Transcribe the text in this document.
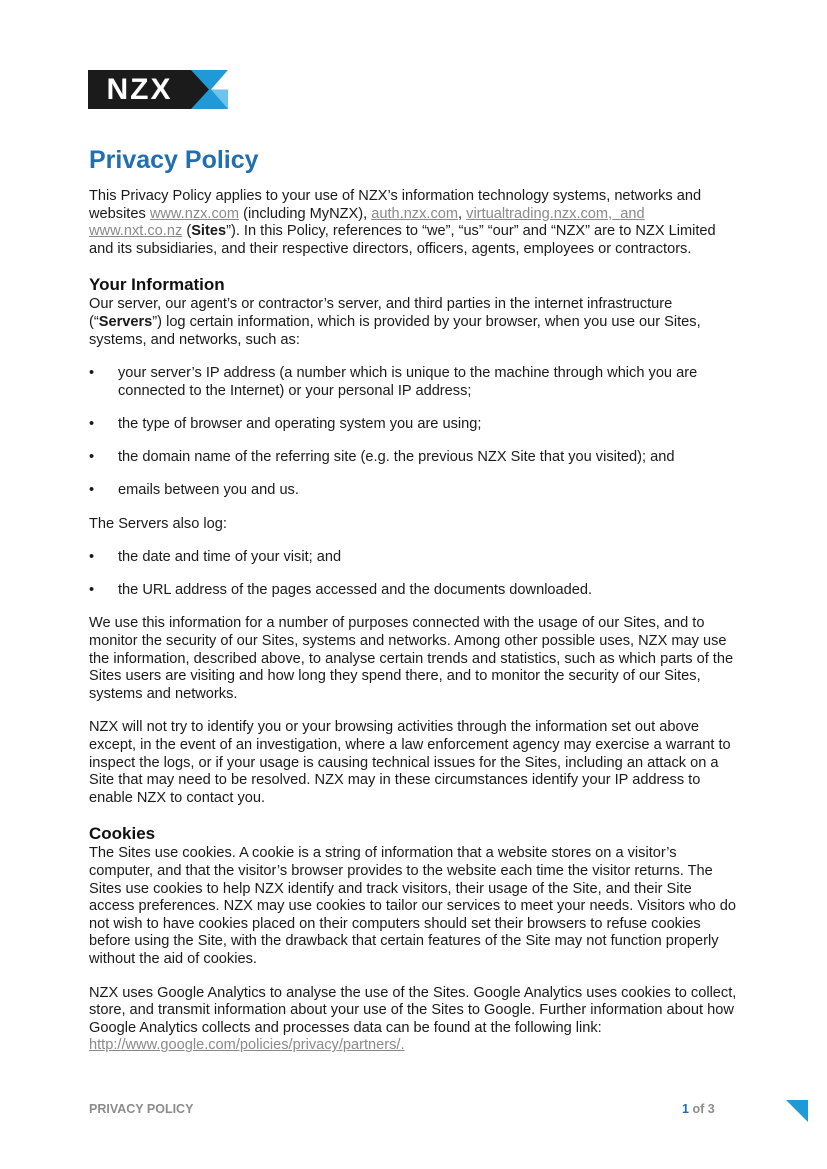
NZX
Privacy Policy

This Privacy Policy applies to your use of NZX’s information technology systems, networks and websites www.nzx.com (including MyNZX), auth.nzx.com, virtualtrading.nzx.com, and
www.nxt.co.nz (Sites”). In this Policy, references to “we”, “us” “our” and “NZX” are to NZX Limited and its subsidiaries, and their respective directors, officers, agents, employees or contractors.

Your Information

Our server, our agent’s or contractor’s server, and third parties in the internet infrastructure (“Servers”) log certain information, which is provided by your browser, when you use our Sites, systems, and networks, such as:

• your server’s IP address (a number which is unique to the machine through which you are connected to the Internet) or your personal IP address;
• the type of browser and operating system you are using;
• the domain name of the referring site (e.g. the previous NZX Site that you visited); and
• emails between you and us.

The Servers also log:

• the date and time of your visit; and
• the URL address of the pages accessed and the documents downloaded.

We use this information for a number of purposes connected with the usage of our Sites, and to monitor the security of our Sites, systems and networks. Among other possible uses, NZX may use the information, described above, to analyse certain trends and statistics, such as which parts of the Sites users are visiting and how long they spend there, and to monitor the security of our Sites, systems and networks.

NZX will not try to identify you or your browsing activities through the information set out above except, in the event of an investigation, where a law enforcement agency may exercise a warrant to inspect the logs, or if your usage is causing technical issues for the Sites, including an attack on a Site that may need to be resolved. NZX may in these circumstances identify your IP address to enable NZX to contact you.

Cookies

The Sites use cookies. A cookie is a string of information that a website stores on a visitor’s computer, and that the visitor’s browser provides to the website each time the visitor returns. The Sites use cookies to help NZX identify and track visitors, their usage of the Site, and their Site access preferences. NZX may use cookies to tailor our services to meet your needs. Visitors who do not wish to have cookies placed on their computers should set their browsers to refuse cookies before using the Site, with the drawback that certain features of the Site may not function properly without the aid of cookies.

NZX uses Google Analytics to analyse the use of the Sites. Google Analytics uses cookies to collect, store, and transmit information about your use of the Sites to Google. Further information about how Google Analytics collects and processes data can be found at the following link:
http://www.google.com/policies/privacy/partners/.

PRIVACY POLICY	1 of 3
